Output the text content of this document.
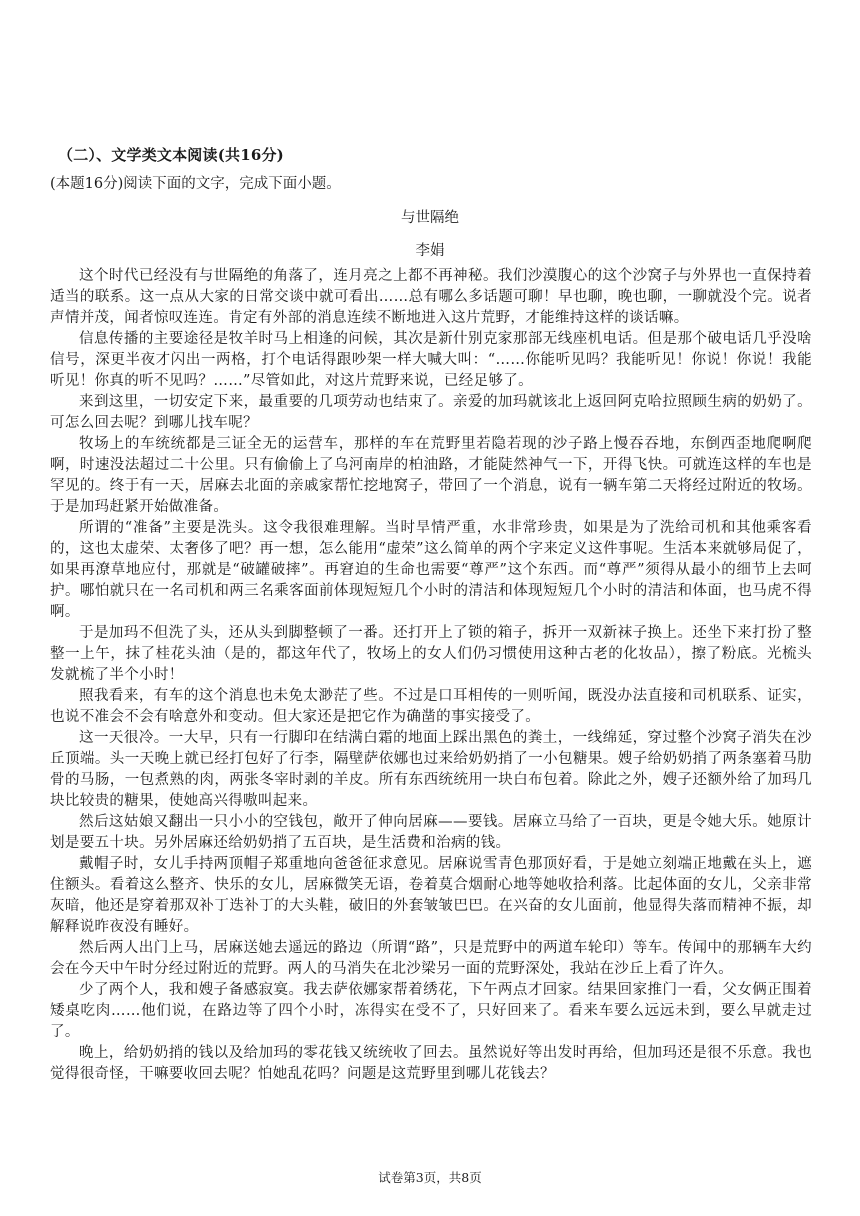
（二）、文学类文本阅读(共16分)
(本题16分)阅读下面的文字，完成下面小题。
与世隔绝
李娟

这个时代已经没有与世隔绝的角落了，连月亮之上都不再神秘。我们沙漠腹心的这个沙窝子与外界也一直保持着适当的联系。这一点从大家的日常交谈中就可看出……总有哪么多话题可聊！早也聊，晚也聊，一聊就没个完。说者声情并茂，闻者惊叹连连。肯定有外部的消息连续不断地进入这片荒野，才能维持这样的谈话嘛。

信息传播的主要途径是牧羊时马上相逢的问候，其次是新什别克家那部无线座机电话。但是那个破电话几乎没啥信号，深更半夜才闪出一两格，打个电话得跟吵架一样大喊大叫：“……你能听见吗？我能听见！你说！你说！我能听见！你真的听不见吗？……”尽管如此，对这片荒野来说，已经足够了。

来到这里，一切安定下来，最重要的几项劳动也结束了。亲爱的加玛就该北上返回阿克哈拉照顾生病的奶奶了。可怎么回去呢？到哪儿找车呢？

牧场上的车统统都是三证全无的运营车，那样的车在荒野里若隐若现的沙子路上慢吞吞地，东倒西歪地爬啊爬啊，时速没法超过二十公里。只有偷偷上了乌河南岸的柏油路，才能陡然神气一下，开得飞快。可就连这样的车也是罕见的。终于有一天，居麻去北面的亲戚家帮忙挖地窝子，带回了一个消息，说有一辆车第二天将经过附近的牧场。于是加玛赶紧开始做准备。

所谓的“准备”主要是洗头。这令我很难理解。当时旱情严重，水非常珍贵，如果是为了洗给司机和其他乘客看的，这也太虚荣、太奢侈了吧？再一想，怎么能用“虚荣”这么简单的两个字来定义这件事呢。生活本来就够局促了，如果再潦草地应付，那就是“破罐破摔”。再窘迫的生命也需要“尊严”这个东西。而“尊严”须得从最小的细节上去呵护。哪怕就只在一名司机和两三名乘客面前体现短短几个小时的清洁和体现短短几个小时的清洁和体面，也马虎不得啊。

于是加玛不但洗了头，还从头到脚整顿了一番。还打开上了锁的箱子，拆开一双新袜子换上。还坐下来打扮了整整一上午，抹了桂花头油（是的，都这年代了，牧场上的女人们仍习惯使用这种古老的化妆品），擦了粉底。光梳头发就梳了半个小时！

照我看来，有车的这个消息也未免太渺茫了些。不过是口耳相传的一则听闻，既没办法直接和司机联系、证实，也说不准会不会有啥意外和变动。但大家还是把它作为确凿的事实接受了。

这一天很冷。一大早，只有一行脚印在结满白霜的地面上踩出黑色的粪土，一线绵延，穿过整个沙窝子消失在沙丘顶端。头一天晚上就已经打包好了行李，隔壁萨依娜也过来给奶奶捎了一小包糖果。嫂子给奶奶捎了两条塞着马肋骨的马肠，一包煮熟的肉，两张冬宰时剥的羊皮。所有东西统统用一块白布包着。除此之外，嫂子还额外给了加玛几块比较贵的糖果，使她高兴得嗷叫起来。

然后这姑娘又翻出一只小小的空钱包，敞开了伸向居麻——要钱。居麻立马给了一百块，更是令她大乐。她原计划是要五十块。另外居麻还给奶奶捎了五百块，是生活费和治病的钱。

戴帽子时，女儿手持两顶帽子郑重地向爸爸征求意见。居麻说雪青色那顶好看，于是她立刻端正地戴在头上，遮住额头。看着这么整齐、快乐的女儿，居麻微笑无语，卷着莫合烟耐心地等她收拾利落。比起体面的女儿，父亲非常灰暗，他还是穿着那双补丁迭补丁的大头鞋，破旧的外套皱皱巴巴。在兴奋的女儿面前，他显得失落而精神不振，却解释说昨夜没有睡好。

然后两人出门上马，居麻送她去遥远的路边（所谓“路”，只是荒野中的两道车轮印）等车。传闻中的那辆车大约会在今天中午时分经过附近的荒野。两人的马消失在北沙梁另一面的荒野深处，我站在沙丘上看了许久。

少了两个人，我和嫂子备感寂寞。我去萨依娜家帮着绣花，下午两点才回家。结果回家推门一看，父女俩正围着矮桌吃肉……他们说，在路边等了四个小时，冻得实在受不了，只好回来了。看来车要么远远未到，要么早就走过了。

晚上，给奶奶捎的钱以及给加玛的零花钱又统统收了回去。虽然说好等出发时再给，但加玛还是很不乐意。我也觉得很奇怪，干嘛要收回去呢？怕她乱花吗？问题是这荒野里到哪儿花钱去？

试卷第3页，共8页
